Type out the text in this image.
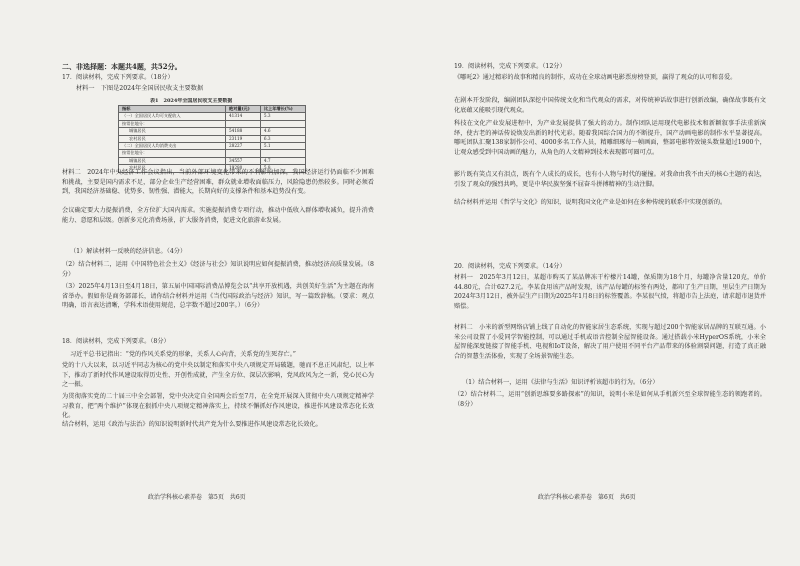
二、非选择题：本题共4题，共52分。
17．阅读材料，完成下列要求。（18分）
材料一　下图是2024年全国居民收支主要数据
表1　2024年全国居民收支主要数据
指标	绝对量(元)	比上年增长(%)
（一）全国居民人均可支配收入	41314	5.3
按常住地分：		
城镇居民	54188	4.6
农村居民	23119	6.3
（二）全国居民人均消费支出	28227	5.1
按常住地分：		
城镇居民	34557	4.7
农村居民	19280	5.8
材料二　2024年中央经济工作会议指出，当前外部环境变化带来的不利影响加深，我国经济运行仍面临不少困难和挑战，主要是国内需求不足，部分企业生产经营困难，群众就业增收面临压力，风险隐患仍然较多。同时必须看到，我国经济基础稳、优势多、韧性强、潜能大，长期向好的支撑条件和基本趋势没有变。
会议确定要大力提振消费，全方位扩大国内需求。实施提振消费专项行动，推动中低收入群体增收减负，提升消费能力、意愿和层级。创新多元化消费场景，扩大服务消费，促进文化旅游业发展。
（1）解读材料一反映的经济信息。（4分）
（2）结合材料二，运用《中国特色社会主义》《经济与社会》知识说明应如何提振消费，推动经济高质量发展。（8分）
（3）2025年4月13日至4月18日，第五届中国国际消费品博览会以“共享开放机遇，共创美好生活”为主题在海南省举办。假如你是商务部部长，请你结合材料并运用《当代国际政治与经济》知识，写一篇致辞稿。（要求：观点明确，语言表达清晰，学科术语使用规范，总字数不超过200字。）（6分）
18．阅读材料，完成下列要求。（8分）
习近平总书记指出：“党的作风关系党的形象，关系人心向背，关系党的生死存亡。”
党的十八大以来，以习近平同志为核心的党中央以制定和落实中央八项规定开局破题，驰而不息正风肃纪，以上率下，推动了新时代作风建设取得历史性、开创性成就，产生全方位、深层次影响，党风政风为之一新，党心民心为之一振。
为贯彻落实党的二十届三中全会部署，党中央决定自全国两会后至7月，在全党开展深入贯彻中央八项规定精神学习教育，把“两个维护”体现在狠抓中央八项规定精神落实上，持续不懈抓好作风建设，推进作风建设常态化长效化。
结合材料，运用《政治与法治》的知识说明新时代共产党为什么要推进作风建设常态化长效化。
政治学科核心素养卷　第5页　共6页
19．阅读材料，完成下列要求。（12分）
《哪吒2》通过精彩的故事和精良的制作，成功在全球动画电影票房榜登顶，赢得了观众的认可和喜爱。
在剧本开发阶段，编剧团队深挖中国传统文化和当代观众的需求，对传统神话故事进行创新改编，确保故事既有文化底蕴又能吸引现代观众。
科技在文化产业发展进程中，为产业发展提供了强大的动力。制作团队运用现代电影技术和新颖叙事手法重新演绎，使古老的神话传说焕发出新的时代光彩。随着我国综合国力的不断提升，国产动画电影的制作水平显著提高。哪吒团队汇聚138家制作公司、4000多名工作人员，精雕细琢每一帧画面，整部电影特效镜头数量超过1900个，让观众感受到中国动画的魅力，从角色的人文精神到技术表现都可圈可点。
影片既有笑点又有泪点，既有个人成长的成长，也有小人物与时代的碰撞。对我命由我不由天的核心主题的表达，引发了观众的强烈共鸣，更是中华民族坚强不屈奋斗拼搏精神的生动注脚。
结合材料并运用《哲学与文化》的知识，说明我国文化产业是如何在多种传统的联系中实现创新的。
20．阅读材料，完成下列要求。（14分）
材料一　2025年3月12日，某超市购买了某品牌冻干柠檬片14罐，保质期为18个月，每罐净含量120克，单价44.80元，合计627.2元。李某食用该产品时发现，该产品每罐的标签有两处，都印了生产日期，里层生产日期为2024年3月12日，被外层生产日期为2025年1月8日的标签覆盖。李某很气愤，将超市告上法庭，请求超市退货并赔偿。
材料二　小米的新型网络店铺上线了自动化的智能家居生态系统，实现与超过200个智能家居品牌的互联互通。小米公司设置了小爱同学智能控制，可以通过手机或语音控制全屋智能设备。通过搭载小米HyperOS系统，小米全屋智能深度链接了智能手机、电视和IoT设备，解决了用户使用不同平台产品带来的体验割裂问题，打造了真正融合的智慧生活体验，实现了全场景智能生态。
（1）结合材料一，运用《法律与生活》知识评析该超市的行为。（6分）
（2）结合材料二，运用“创新思维要多路探索”的知识，说明小米是如何从手机新兴至全球智能生态的领跑者的。（8分）
政治学科核心素养卷　第6页　共6页
